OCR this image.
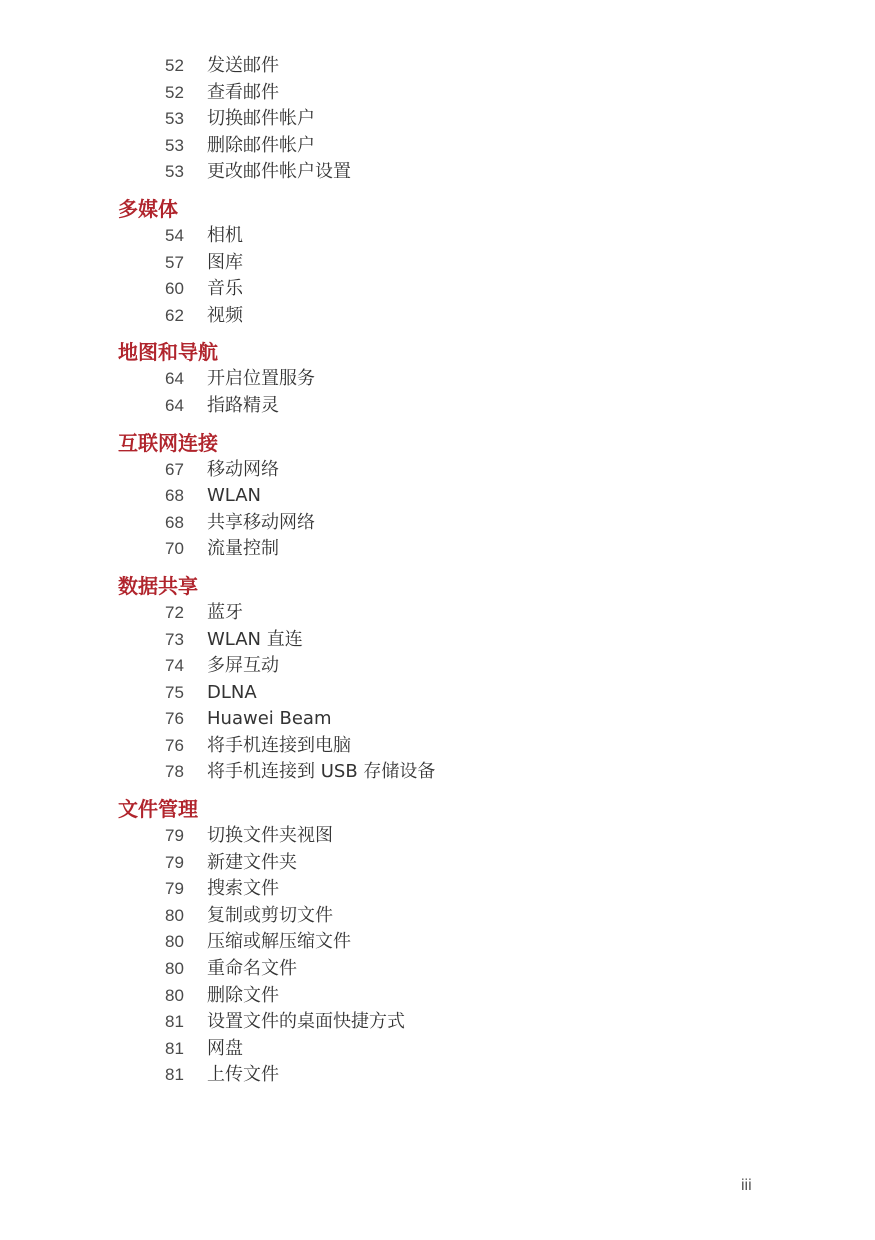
52 发送邮件
52 查看邮件
53 切换邮件帐户
53 删除邮件帐户
53 更改邮件帐户设置
多媒体
54 相机
57 图库
60 音乐
62 视频
地图和导航
64 开启位置服务
64 指路精灵
互联网连接
67 移动网络
68 WLAN
68 共享移动网络
70 流量控制
数据共享
72 蓝牙
73 WLAN 直连
74 多屏互动
75 DLNA
76 Huawei Beam
76 将手机连接到电脑
78 将手机连接到 USB 存储设备
文件管理
79 切换文件夹视图
79 新建文件夹
79 搜索文件
80 复制或剪切文件
80 压缩或解压缩文件
80 重命名文件
80 删除文件
81 设置文件的桌面快捷方式
81 网盘
81 上传文件
iii
